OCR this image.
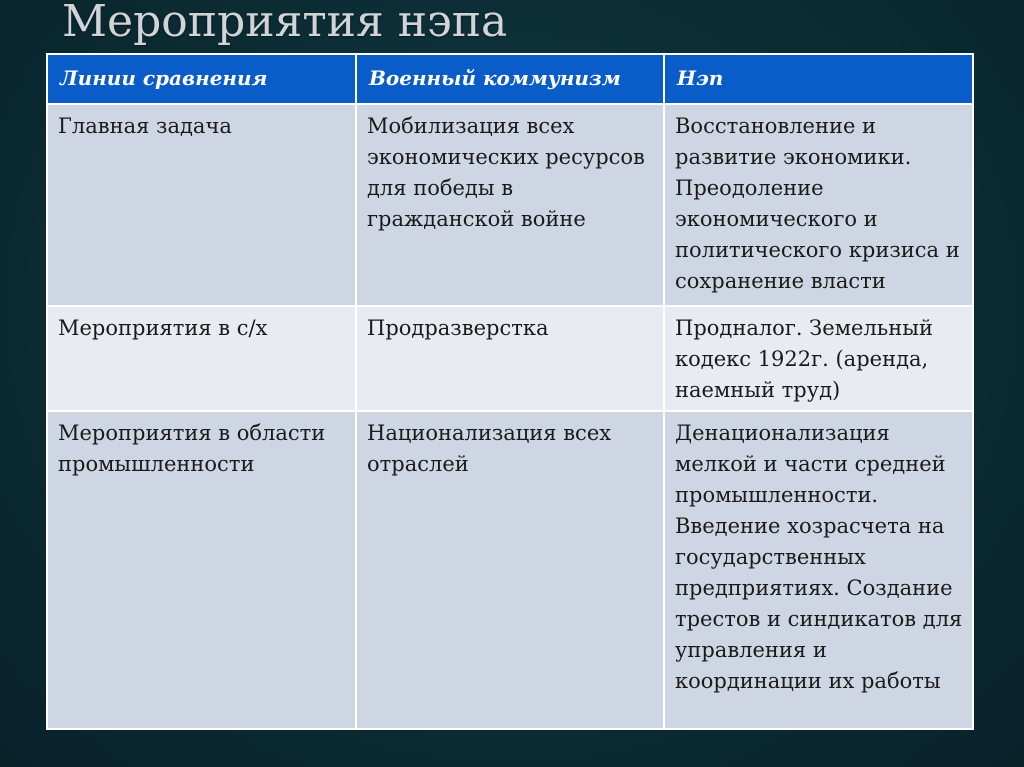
Мероприятия нэпа
Линии сравнения	Военный коммунизм	Нэп
Главная задача	Мобилизация всех экономических ресурсов для победы в гражданской войне	Восстановление и развитие экономики. Преодоление экономического и политического кризиса и сохранение власти
Мероприятия в с/х	Продразверстка	Продналог. Земельный кодекс 1922г. (аренда, наемный труд)
Мероприятия в области промышленности	Национализация всех отраслей	Денационализация мелкой и части средней промышленности. Введение хозрасчета на государственных предприятиях. Создание трестов и синдикатов для управления и координации их работы
